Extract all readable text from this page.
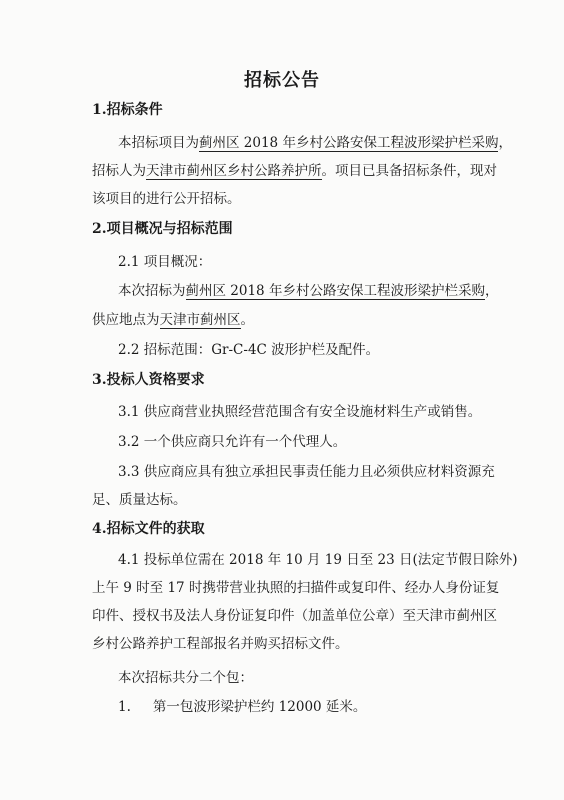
招标公告
1.招标条件
本招标项目为蓟州区 2018 年乡村公路安保工程波形梁护栏采购，
招标人为天津市蓟州区乡村公路养护所。项目已具备招标条件，现对
该项目的进行公开招标。
2.项目概况与招标范围
2.1 项目概况：
本次招标为蓟州区 2018 年乡村公路安保工程波形梁护栏采购，
供应地点为天津市蓟州区。
2.2 招标范围：Gr-C-4C 波形护栏及配件。
3.投标人资格要求
3.1 供应商营业执照经营范围含有安全设施材料生产或销售。
3.2 一个供应商只允许有一个代理人。
3.3 供应商应具有独立承担民事责任能力且必须供应材料资源充
足、质量达标。
4.招标文件的获取
4.1 投标单位需在 2018 年 10 月 19 日至 23 日(法定节假日除外)
上午 9 时至 17 时携带营业执照的扫描件或复印件、经办人身份证复
印件、授权书及法人身份证复印件（加盖单位公章）至天津市蓟州区
乡村公路养护工程部报名并购买招标文件。
本次招标共分二个包：
1. 第一包波形梁护栏约 12000 延米。
